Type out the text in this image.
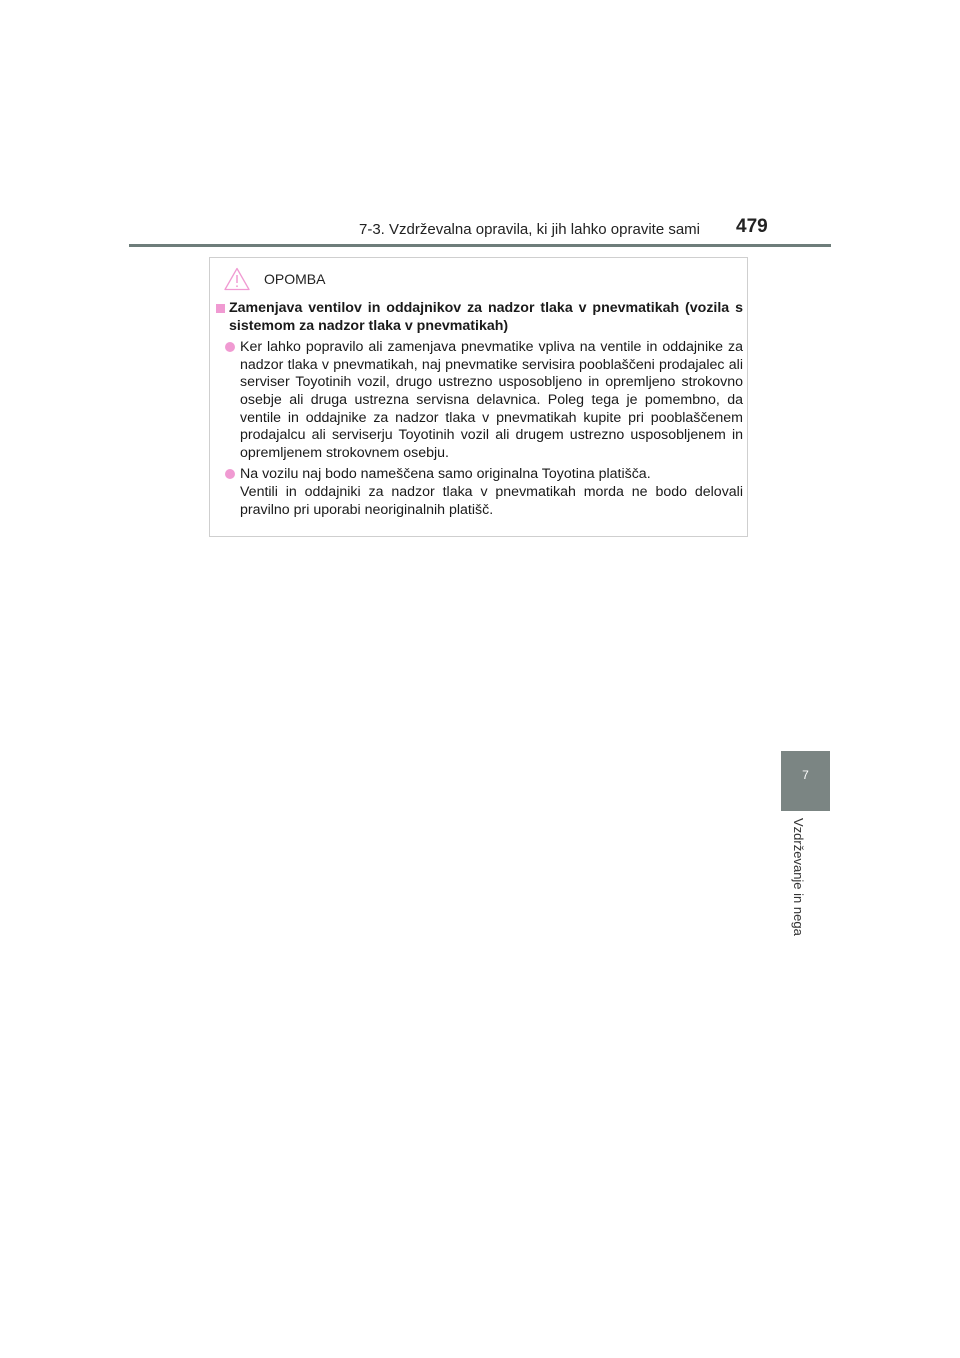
7-3. Vzdrževalna opravila, ki jih lahko opravite sami 479
7
Vzdrževanje in nega
OPOMBA
Zamenjava ventilov in oddajnikov za nadzor tlaka v pnevmatikah (vozila s sistemom za nadzor tlaka v pnevmatikah)
Ker lahko popravilo ali zamenjava pnevmatike vpliva na ventile in oddajnike za nadzor tlaka v pnevmatikah, naj pnevmatike servisira pooblaščeni prodajalec ali serviser Toyotinih vozil, drugo ustrezno usposobljeno in opremljeno strokovno osebje ali druga ustrezna servisna delavnica. Poleg tega je pomembno, da ventile in oddajnike za nadzor tlaka v pnevmatikah kupite pri pooblaščenem prodajalcu ali serviserju Toyotinih vozil ali drugem ustrezno usposobljenem in opremljenem strokovnem osebju.
Na vozilu naj bodo nameščena samo originalna Toyotina platišča.
Ventili in oddajniki za nadzor tlaka v pnevmatikah morda ne bodo delovali pravilno pri uporabi neoriginalnih platišč.
